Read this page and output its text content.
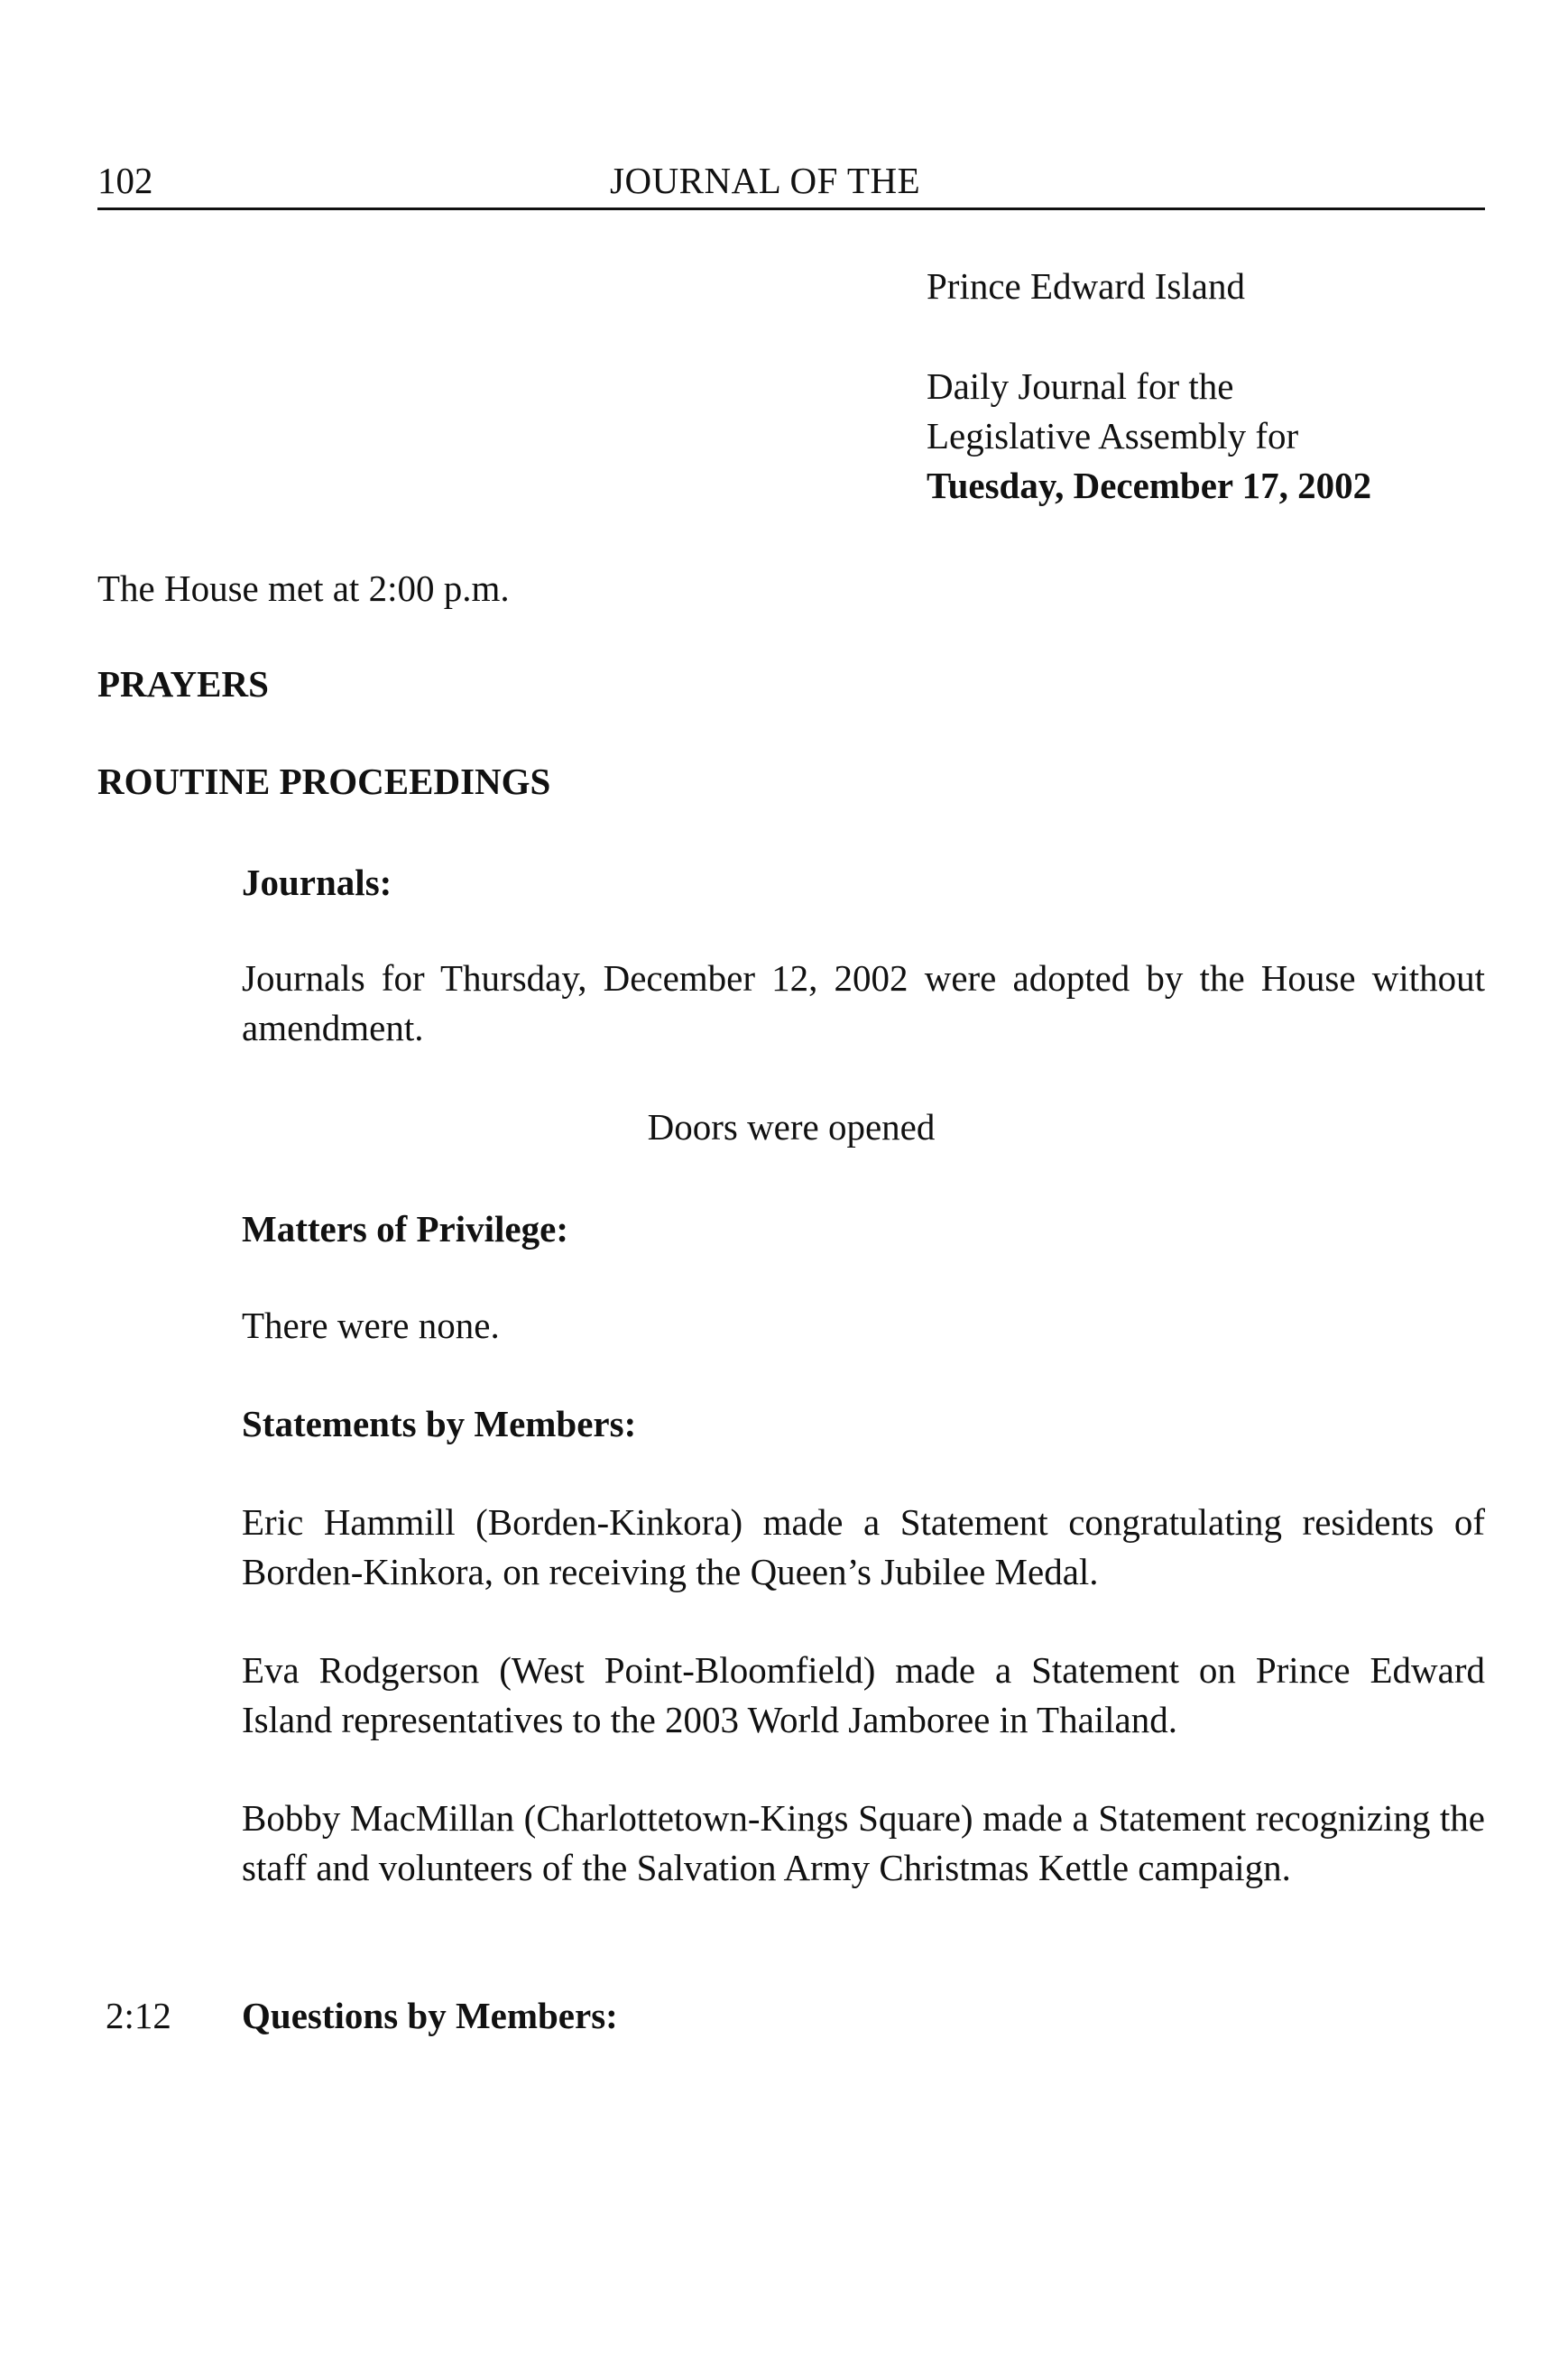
102	JOURNAL OF THE
Prince Edward Island
Daily Journal for the
Legislative Assembly for
Tuesday, December 17, 2002
The House met at 2:00 p.m.
PRAYERS
ROUTINE PROCEEDINGS
Journals:
Journals for Thursday, December 12, 2002 were adopted by the House without amendment.
Doors were opened
Matters of Privilege:
There were none.
Statements by Members:
Eric Hammill (Borden-Kinkora) made a Statement congratulating residents of Borden-Kinkora, on receiving the Queen’s Jubilee Medal.
Eva Rodgerson (West Point-Bloomfield) made a Statement on Prince Edward Island representatives to the 2003 World Jamboree in Thailand.
Bobby MacMillan (Charlottetown-Kings Square) made a Statement recognizing the staff and volunteers of the Salvation Army Christmas Kettle campaign.
2:12 Questions by Members:
